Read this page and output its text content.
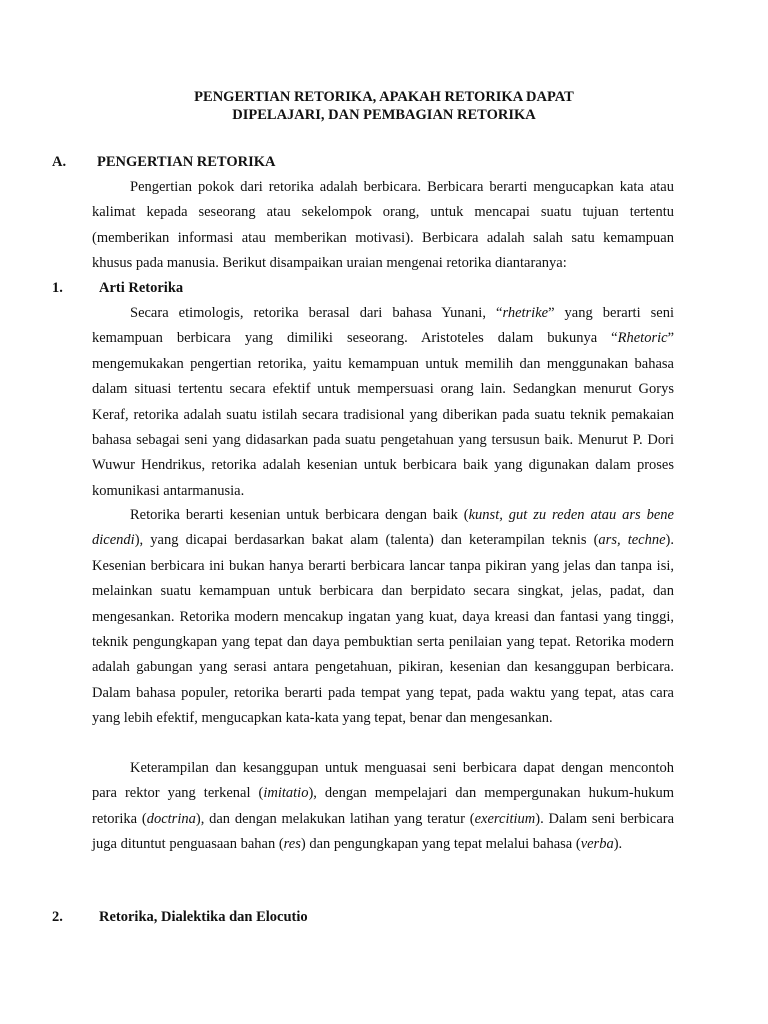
PENGERTIAN RETORIKA, APAKAH RETORIKA DAPAT
DIPELAJARI, DAN PEMBAGIAN RETORIKA
A. PENGERTIAN RETORIKA
Pengertian pokok dari retorika adalah berbicara. Berbicara berarti mengucapkan kata atau kalimat kepada seseorang atau sekelompok orang, untuk mencapai suatu tujuan tertentu (memberikan informasi atau memberikan motivasi). Berbicara adalah salah satu kemampuan khusus pada manusia. Berikut disampaikan uraian mengenai retorika diantaranya:
1. Arti Retorika
Secara etimologis, retorika berasal dari bahasa Yunani, “rhetrike” yang berarti seni kemampuan berbicara yang dimiliki seseorang. Aristoteles dalam bukunya “Rhetoric” mengemukakan pengertian retorika, yaitu kemampuan untuk memilih dan menggunakan bahasa dalam situasi tertentu secara efektif untuk mempersuasi orang lain. Sedangkan menurut Gorys Keraf, retorika adalah suatu istilah secara tradisional yang diberikan pada suatu teknik pemakaian bahasa sebagai seni yang didasarkan pada suatu pengetahuan yang tersusun baik. Menurut P. Dori Wuwur Hendrikus, retorika adalah kesenian untuk berbicara baik yang digunakan dalam proses komunikasi antarmanusia.
Retorika berarti kesenian untuk berbicara dengan baik (kunst, gut zu reden atau ars bene dicendi), yang dicapai berdasarkan bakat alam (talenta) dan keterampilan teknis (ars, techne). Kesenian berbicara ini bukan hanya berarti berbicara lancar tanpa pikiran yang jelas dan tanpa isi, melainkan suatu kemampuan untuk berbicara dan berpidato secara singkat, jelas, padat, dan mengesankan. Retorika modern mencakup ingatan yang kuat, daya kreasi dan fantasi yang tinggi, teknik pengungkapan yang tepat dan daya pembuktian serta penilaian yang tepat. Retorika modern adalah gabungan yang serasi antara pengetahuan, pikiran, kesenian dan kesanggupan berbicara. Dalam bahasa populer, retorika berarti pada tempat yang tepat, pada waktu yang tepat, atas cara yang lebih efektif, mengucapkan kata-kata yang tepat, benar dan mengesankan.
Keterampilan dan kesanggupan untuk menguasai seni berbicara dapat dengan mencontoh para rektor yang terkenal (imitatio), dengan mempelajari dan mempergunakan hukum-hukum retorika (doctrina), dan dengan melakukan latihan yang teratur (exercitium). Dalam seni berbicara juga dituntut penguasaan bahan (res) dan pengungkapan yang tepat melalui bahasa (verba).
2. Retorika, Dialektika dan Elocutio
